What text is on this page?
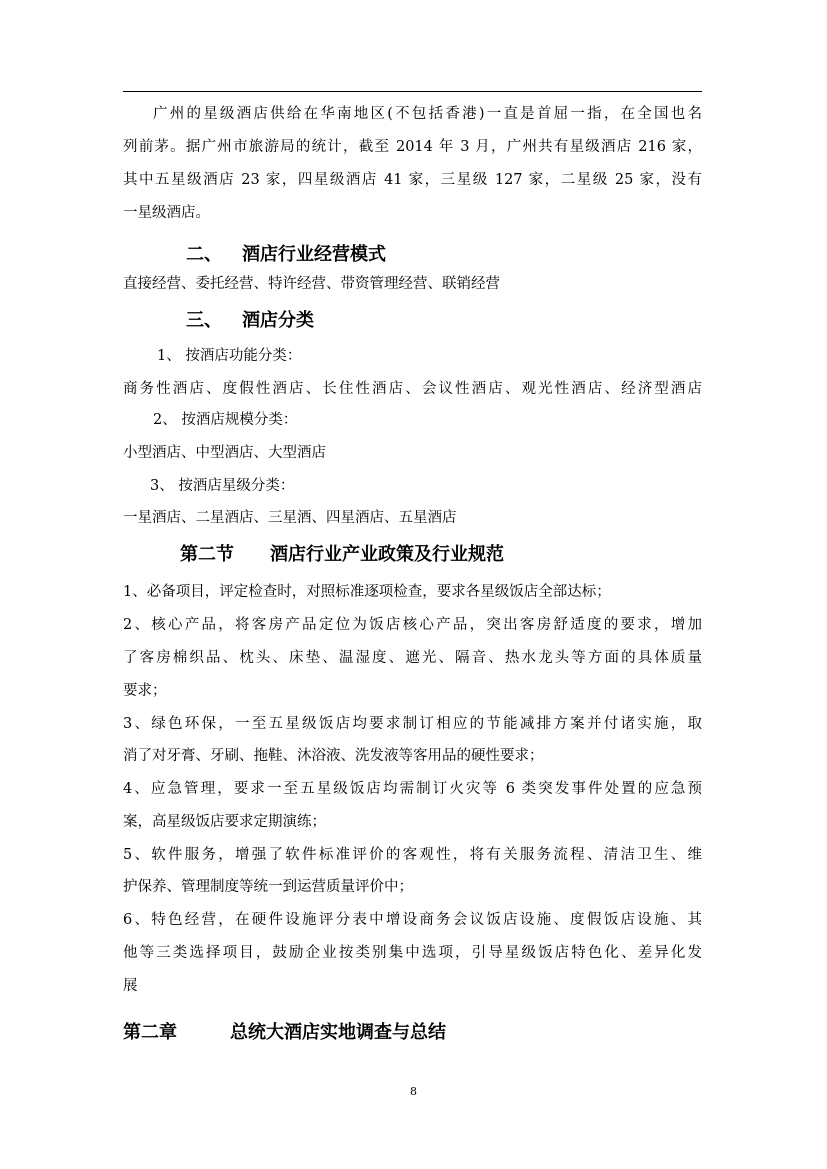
广州的星级酒店供给在华南地区(不包括香港)一直是首屈一指，在全国也名
列前茅。据广州市旅游局的统计，截至 2014 年 3 月，广州共有星级酒店 216 家，
其中五星级酒店 23 家，四星级酒店 41 家，三星级 127 家，二星级 25 家，没有
一星级酒店。
二、 酒店行业经营模式
直接经营、委托经营、特许经营、带资管理经营、联销经营
三、 酒店分类
1、 按酒店功能分类：
商务性酒店、度假性酒店、长住性酒店、会议性酒店、观光性酒店、经济型酒店
2、 按酒店规模分类：
小型酒店、中型酒店、大型酒店
3、 按酒店星级分类：
一星酒店、二星酒店、三星酒、四星酒店、五星酒店
第二节 酒店行业产业政策及行业规范
1、必备项目，评定检查时，对照标准逐项检查，要求各星级饭店全部达标；
2、核心产品，将客房产品定位为饭店核心产品，突出客房舒适度的要求，增加
了客房棉织品、枕头、床垫、温湿度、遮光、隔音、热水龙头等方面的具体质量
要求；
3、绿色环保，一至五星级饭店均要求制订相应的节能减排方案并付诸实施，取
消了对牙膏、牙刷、拖鞋、沐浴液、洗发液等客用品的硬性要求；
4、应急管理，要求一至五星级饭店均需制订火灾等 6 类突发事件处置的应急预
案，高星级饭店要求定期演练；
5、软件服务，增强了软件标准评价的客观性，将有关服务流程、清洁卫生、维
护保养、管理制度等统一到运营质量评价中；
6、特色经营，在硬件设施评分表中增设商务会议饭店设施、度假饭店设施、其
他等三类选择项目，鼓励企业按类别集中选项，引导星级饭店特色化、差异化发
展
第二章	总统大酒店实地调查与总结
8
